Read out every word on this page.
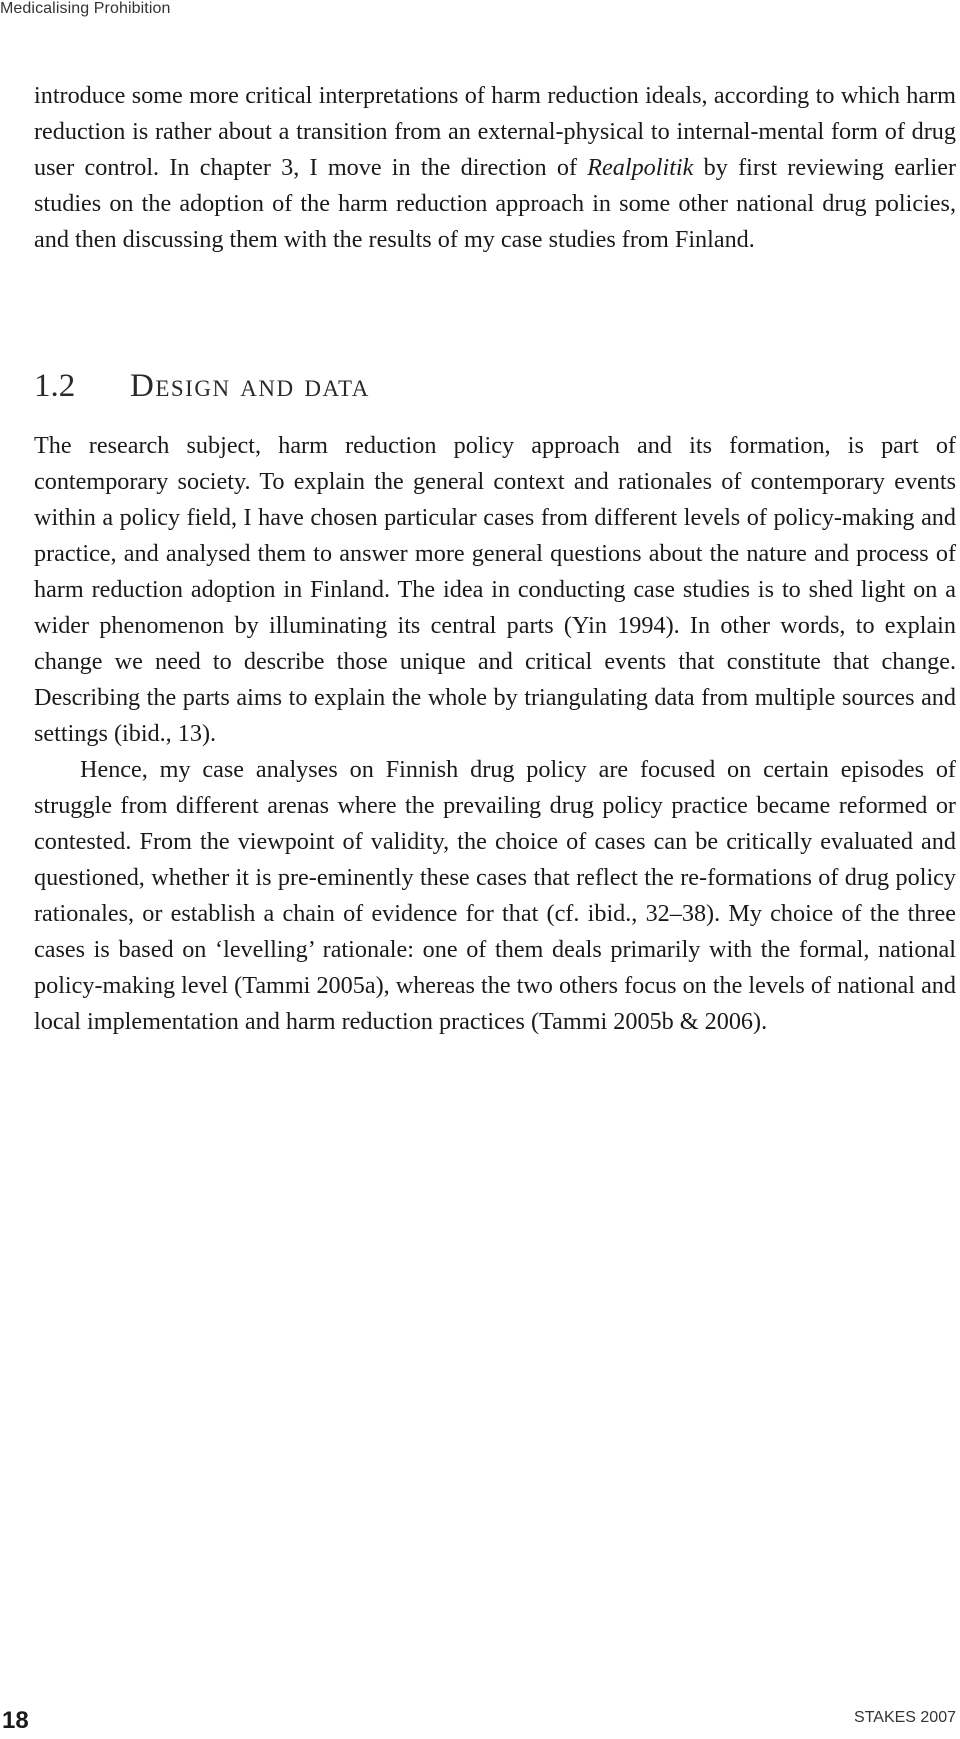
Medicalising Prohibition

introduce some more critical interpretations of harm reduction ideals, according to which harm reduction is rather about a transition from an external-physical to internal-mental form of drug user control. In chapter 3, I move in the direction of Realpolitik by first reviewing earlier studies on the adoption of the harm reduction approach in some other national drug policies, and then discussing them with the results of my case studies from Finland.

1.2 Design and data

The research subject, harm reduction policy approach and its formation, is part of contemporary society. To explain the general context and rationales of contemporary events within a policy field, I have chosen particular cases from different levels of policy-making and practice, and analysed them to answer more general questions about the nature and process of harm reduction adoption in Finland. The idea in conducting case studies is to shed light on a wider phenomenon by illuminating its central parts (Yin 1994). In other words, to explain change we need to describe those unique and critical events that constitute that change. Describing the parts aims to explain the whole by triangulating data from multiple sources and settings (ibid., 13).

Hence, my case analyses on Finnish drug policy are focused on certain episodes of struggle from different arenas where the prevailing drug policy practice became reformed or contested. From the viewpoint of validity, the choice of cases can be critically evaluated and questioned, whether it is pre-eminently these cases that reflect the re-formations of drug policy rationales, or establish a chain of evidence for that (cf. ibid., 32–38). My choice of the three cases is based on ‘levelling’ rationale: one of them deals primarily with the formal, national policy-making level (Tammi 2005a), whereas the two others focus on the levels of national and local implementation and harm reduction practices (Tammi 2005b & 2006).

18	STAKES 2007
